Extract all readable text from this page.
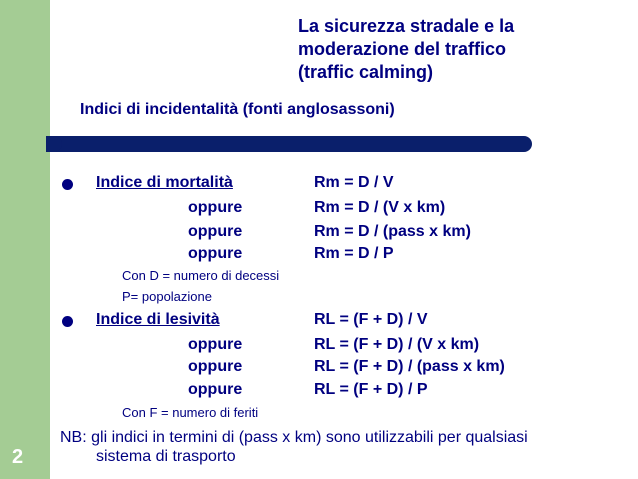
2
La sicurezza stradale e la
moderazione del traffico
(traffic calming)
Indici di incidentalità (fonti anglosassoni)
Indice di mortalità	Rm = D / V
oppure	Rm = D / (V x km)
oppure	Rm = D / (pass x km)
oppure	Rm = D / P
Con D = numero di decessi
P= popolazione
Indice di lesività	RL = (F + D) / V
oppure	RL = (F + D) / (V x km)
oppure	RL = (F + D) / (pass x km)
oppure	RL = (F + D) / P
Con F = numero di feriti
NB: gli indici in termini di (pass x km) sono utilizzabili per qualsiasi
sistema di trasporto
